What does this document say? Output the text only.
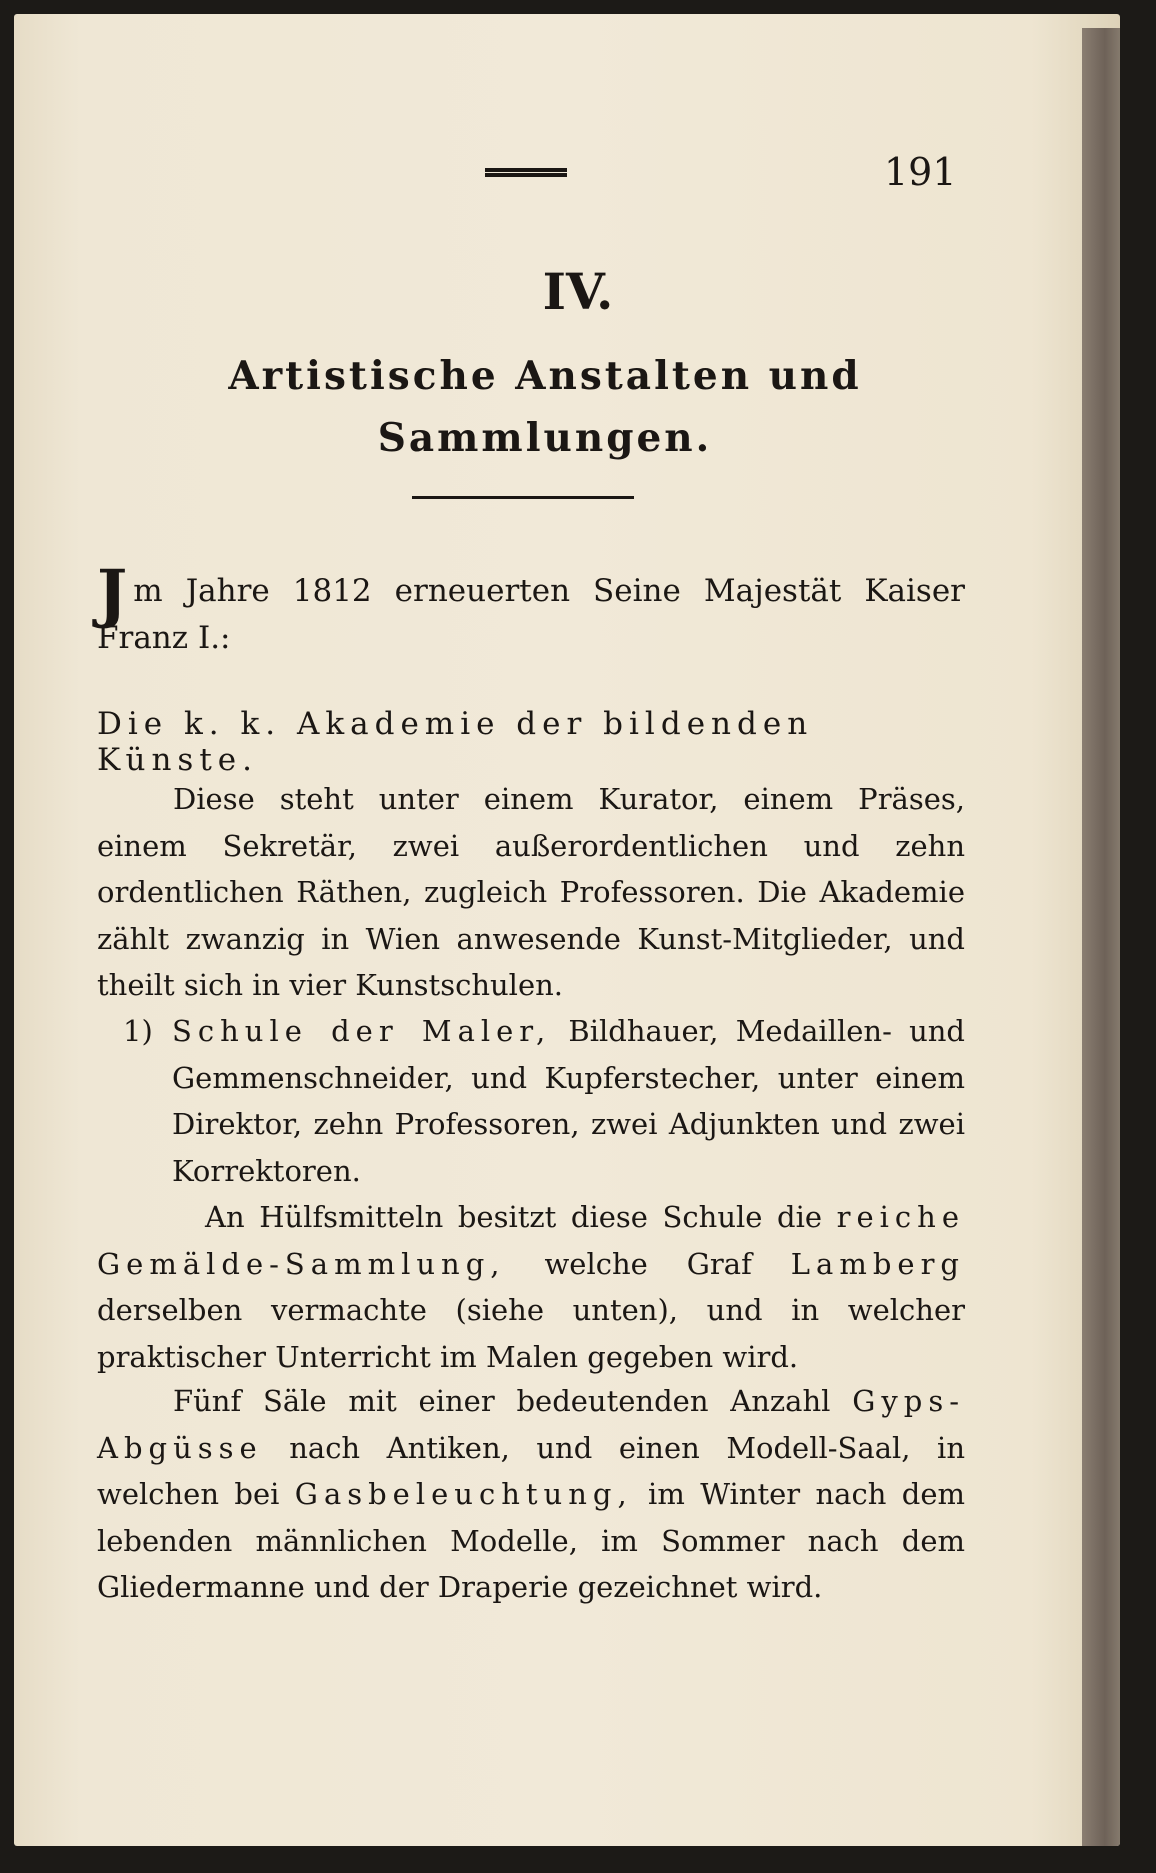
191
IV.
Artistische Anstalten und Sammlungen.
Jm Jahre 1812 erneuerten Seine Majestät Kaiser Franz I.:
Die k. k. Akademie der bildenden Künste.
Diese steht unter einem Kurator, einem Präses, einem Sekretär, zwei außerordentlichen und zehn ordentlichen Räthen, zugleich Professoren. Die Akademie zählt zwanzig in Wien anwesende Kunst-Mitglieder, und theilt sich in vier Kunstschulen.
1) Schule der Maler, Bildhauer, Medaillen- und Gemmenschneider, und Kupferstecher, unter einem Direktor, zehn Professoren, zwei Adjunkten und zwei Korrektoren.
An Hülfsmitteln besitzt diese Schule die reiche Gemälde-Sammlung, welche Graf Lamberg derselben vermachte (siehe unten), und in welcher praktischer Unterricht im Malen gegeben wird.
Fünf Säle mit einer bedeutenden Anzahl Gyps-Abgüsse nach Antiken, und einen Modell-Saal, in welchen bei Gasbeleuchtung, im Winter nach dem lebenden männlichen Modelle, im Sommer nach dem Gliedermanne und der Draperie gezeichnet wird.
